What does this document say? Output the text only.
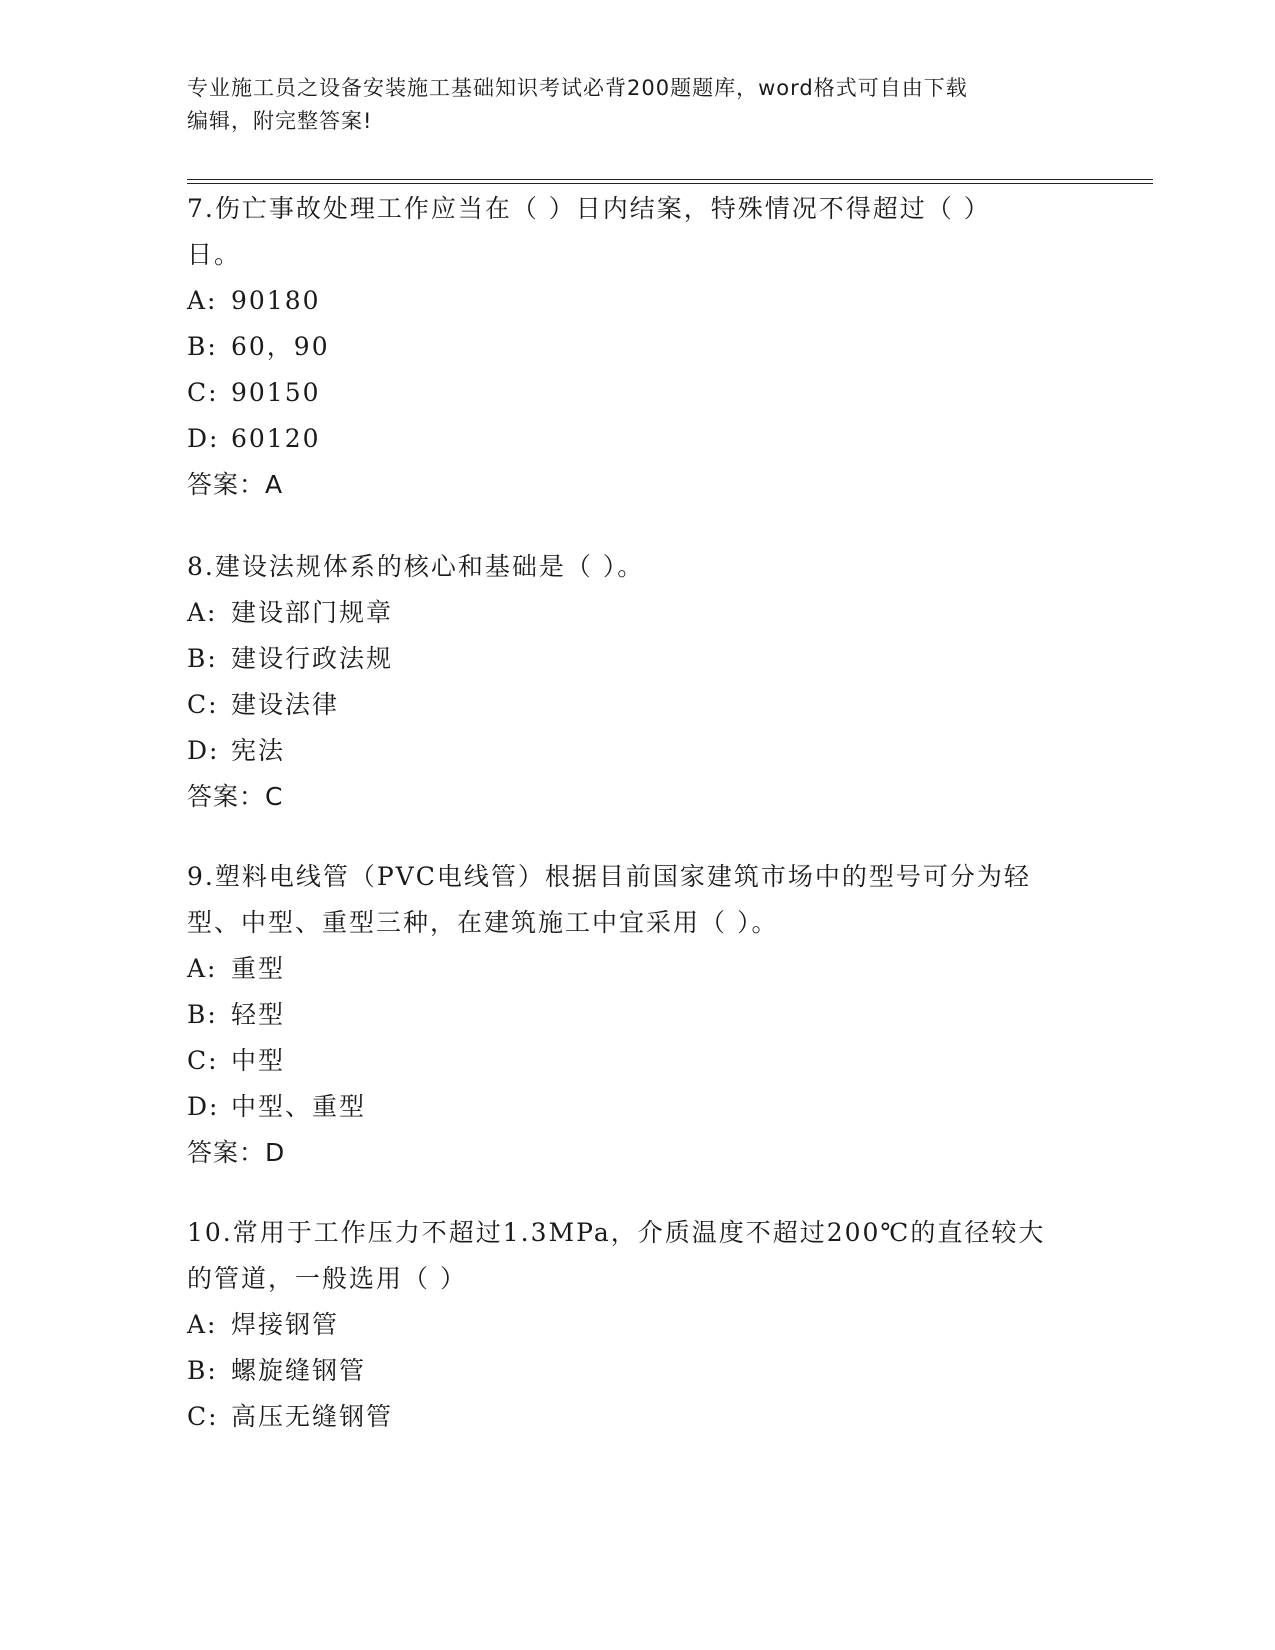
专业施工员之设备安装施工基础知识考试必背200题题库，word格式可自由下载
编辑，附完整答案!
7.伤亡事故处理工作应当在（ ）日内结案，特殊情况不得超过（ ）
日。
A: 90180
B: 60，90
C: 90150
D: 60120
答案：A
8.建设法规体系的核心和基础是（ ）。
A: 建设部门规章
B: 建设行政法规
C: 建设法律
D: 宪法
答案：C
9.塑料电线管（PVC电线管）根据目前国家建筑市场中的型号可分为轻
型、中型、重型三种，在建筑施工中宜采用（ ）。
A: 重型
B: 轻型
C: 中型
D: 中型、重型
答案：D
10.常用于工作压力不超过1.3MPa，介质温度不超过200℃的直径较大
的管道，一般选用（ ）
A: 焊接钢管
B: 螺旋缝钢管
C: 高压无缝钢管
